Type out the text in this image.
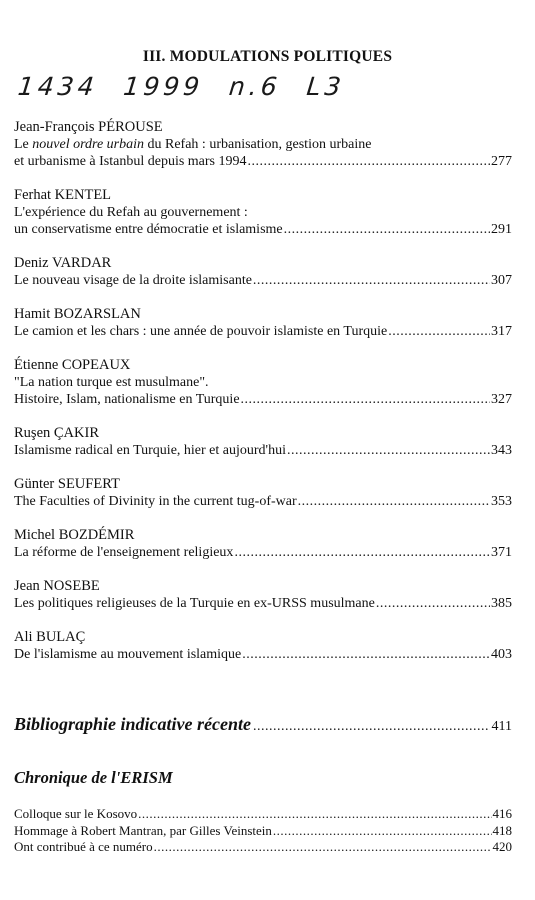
III. MODULATIONS POLITIQUES
1434 1999 n.6 L3
Jean-François PÉROUSE
Le nouvel ordre urbain du Refah : urbanisation, gestion urbaine
et urbanisme à Istanbul depuis mars 1994 .....	277
Ferhat KENTEL
L'expérience du Refah au gouvernement :
un conservatisme entre démocratie et islamisme .....	291
Deniz VARDAR
Le nouveau visage de la droite islamisante .....	307
Hamit BOZARSLAN
Le camion et les chars : une année de pouvoir islamiste en Turquie .....	317
Étienne COPEAUX
"La nation turque est musulmane".
Histoire, Islam, nationalisme en Turquie .....	327
Ruşen ÇAKIR
Islamisme radical en Turquie, hier et aujourd'hui .....	343
Günter SEUFERT
The Faculties of Divinity in the current tug-of-war .....	353
Michel BOZDÉMIR
La réforme de l'enseignement religieux .....	371
Jean NOSEBE
Les politiques religieuses de la Turquie en ex-URSS musulmane .....	385
Ali BULAÇ
De l'islamisme au mouvement islamique .....	403
Bibliographie indicative récente .....	411
Chronique de l'ERISM
Colloque sur le Kosovo .....	416
Hommage à Robert Mantran, par Gilles Veinstein .....	418
Ont contribué à ce numéro .....	420
